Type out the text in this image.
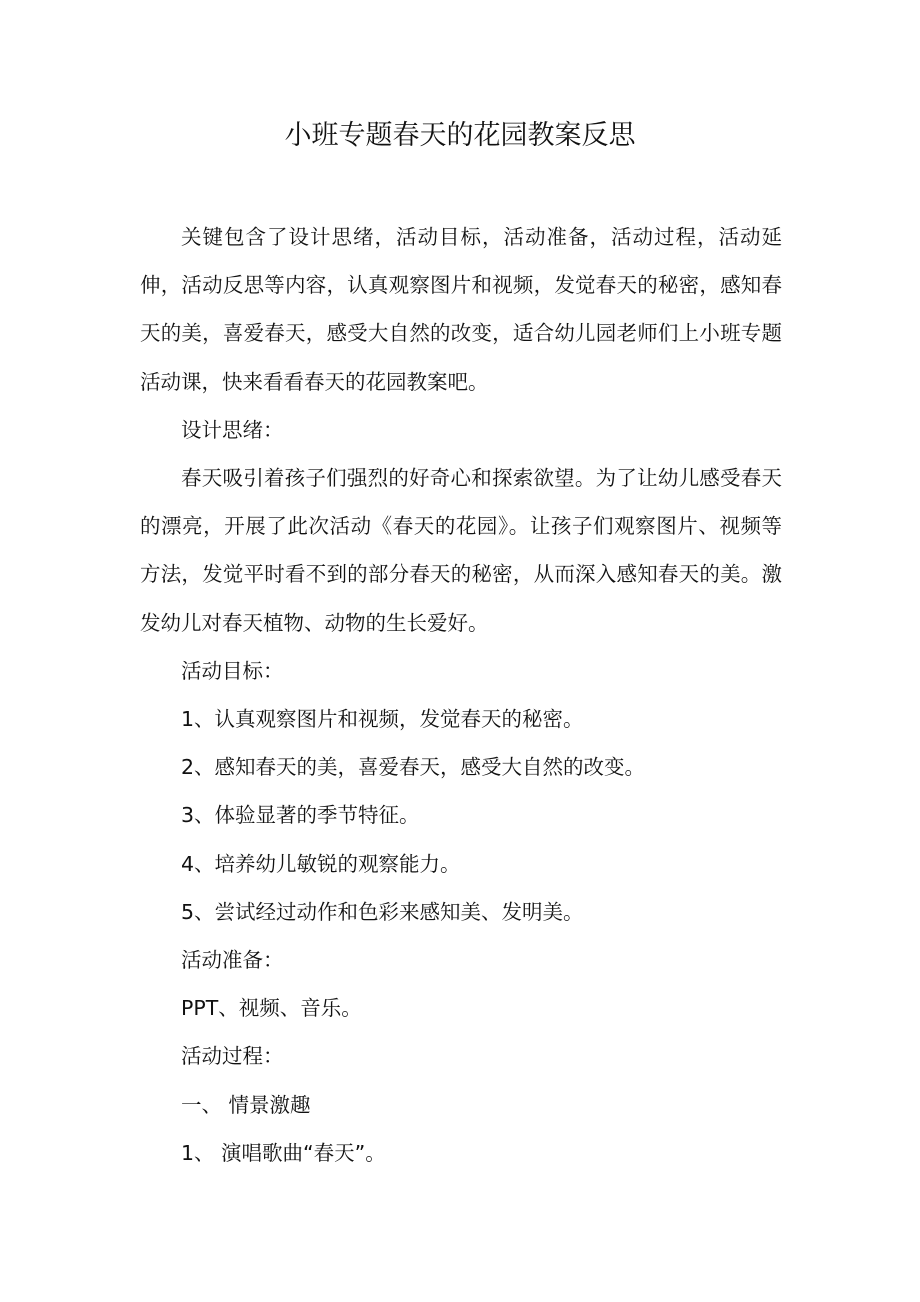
小班专题春天的花园教案反思

关键包含了设计思绪，活动目标，活动准备，活动过程，活动延伸，活动反思等内容，认真观察图片和视频，发觉春天的秘密，感知春天的美，喜爱春天，感受大自然的改变，适合幼儿园老师们上小班专题活动课，快来看看春天的花园教案吧。

设计思绪：

春天吸引着孩子们强烈的好奇心和探索欲望。为了让幼儿感受春天的漂亮，开展了此次活动《春天的花园》。让孩子们观察图片、视频等方法，发觉平时看不到的部分春天的秘密，从而深入感知春天的美。激发幼儿对春天植物、动物的生长爱好。

活动目标：

1、认真观察图片和视频，发觉春天的秘密。

2、感知春天的美，喜爱春天，感受大自然的改变。

3、体验显著的季节特征。

4、培养幼儿敏锐的观察能力。

5、尝试经过动作和色彩来感知美、发明美。

活动准备：

PPT、视频、音乐。

活动过程：

一、 情景激趣

1、 演唱歌曲“春天”。
